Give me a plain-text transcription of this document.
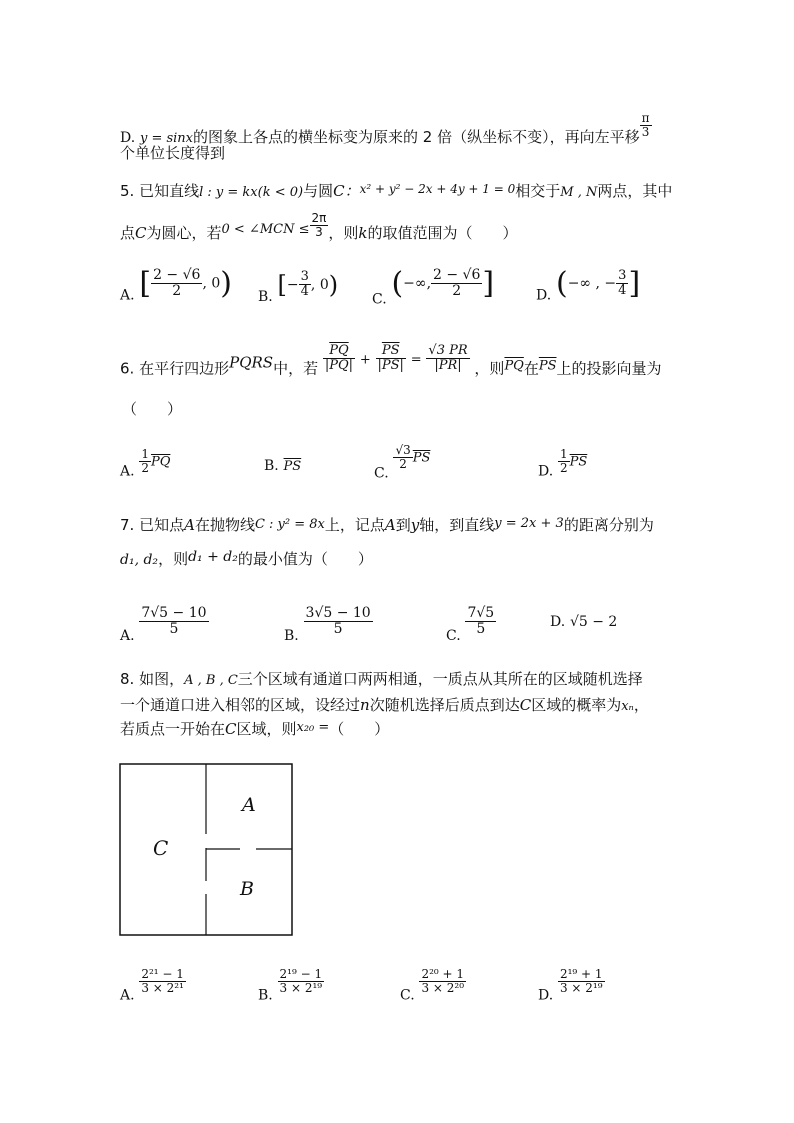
D. y = sinx的图象上各点的横坐标变为原来的 2 倍（纵坐标不变），再向左平移 $\frac{\pi}{3}$
个单位长度得到
5. 已知直线l : y = kx(k < 0)与圆C：$^{x^2 + y^2 - 2x + 4y + 1 = 0}$相交于M , N两点，其中
点C为圆心，若0 < ∠MCN ≤ $\frac{2\pi}{3}$ ，则k的取值范围为（　　）
A. [ $\frac{2 - √6}{2}$ , 0) B. [− $\frac{3}{4}$ , 0)
C. (−∞, $\frac{2 - √6}{2}$ ]	D. (−∞ , − $\frac{3}{4}$ ]
6. 在平行四边形PQRS中，若 $\frac{\overline{PQ}}{|PQ|} + \frac{\overline{PS}}{|PS|} = \frac{√3 PR}{|PR|}$ ，则$\overline{PQ}$在$\overline{PS}$上的投影向量为
（　　）
A. $\frac{1}{2} \overline{PQ}$	B. $\overline{PS}$	C.
$\frac{√3}{2} \overline{PS}$
D. $\frac{1}{2} \overline{PS}$
7. 已知点A在抛物线C : y² = 8x上，记点A到y轴，到直线y = 2x + 3的距离分别为
d₁, d₂，则d₁ + d₂的最小值为（　　）
A. $\frac{7√5 - 10}{5}$	B. $\frac{3√5 - 10}{5}$	C. $\frac{7√5}{5}$	D. √5 − 2
8. 如图，A , B , C三个区域有通道口两两相通，一质点从其所在的区域随机选择
一个通道口进入相邻的区域，设经过n次随机选择后质点到达C区域的概率为xₙ，
若质点一开始在C区域，则x₂₀ =（　　）
C
A
B
A.
$\frac{\text{2²¹ − 1}}{\text{3 × 2²¹}}$
B.
$\frac{\text{2¹⁹ − 1}}{\text{3 × 2¹⁹}}$
C.
$\frac{\text{2²⁰ + 1}}{\text{3 × 2²⁰}}$
D.
$\frac{\text{2¹⁹ + 1}}{\text{3 × 2¹⁹}}$
